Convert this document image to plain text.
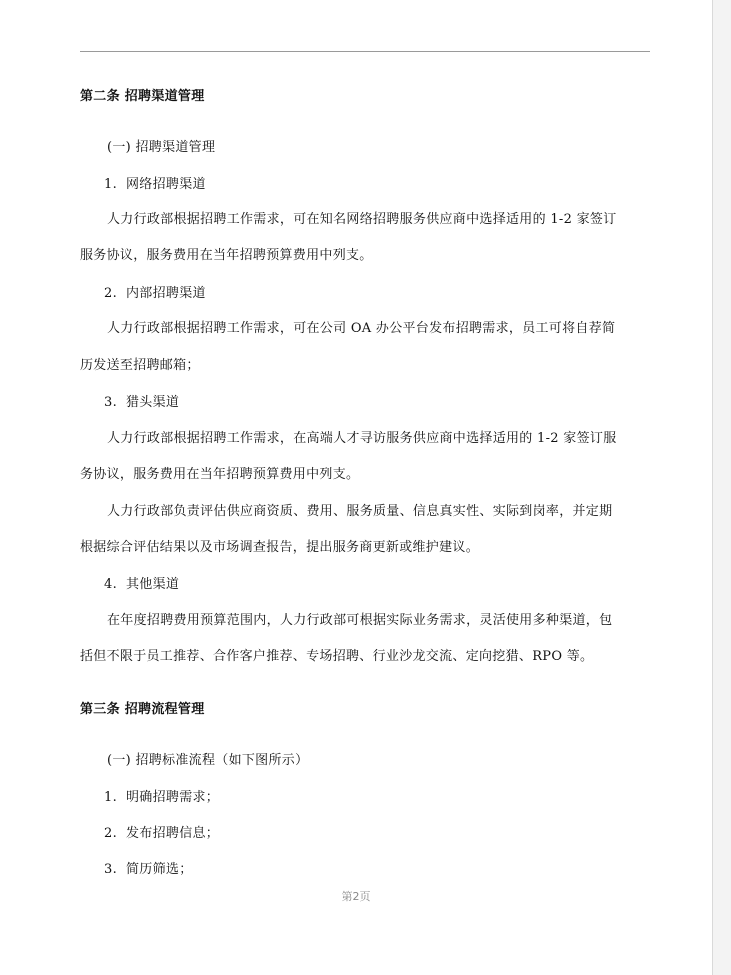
第二条 招聘渠道管理
(一) 招聘渠道管理
1. 网络招聘渠道
人力行政部根据招聘工作需求，可在知名网络招聘服务供应商中选择适用的 1-2 家签订
服务协议，服务费用在当年招聘预算费用中列支。
2. 内部招聘渠道
人力行政部根据招聘工作需求，可在公司 OA 办公平台发布招聘需求，员工可将自荐简
历发送至招聘邮箱；
3. 猎头渠道
人力行政部根据招聘工作需求，在高端人才寻访服务供应商中选择适用的 1-2 家签订服
务协议，服务费用在当年招聘预算费用中列支。
人力行政部负责评估供应商资质、费用、服务质量、信息真实性、实际到岗率，并定期
根据综合评估结果以及市场调查报告，提出服务商更新或维护建议。
4. 其他渠道
在年度招聘费用预算范围内，人力行政部可根据实际业务需求，灵活使用多种渠道，包
括但不限于员工推荐、合作客户推荐、专场招聘、行业沙龙交流、定向挖猎、RPO 等。
第三条 招聘流程管理
(一) 招聘标准流程（如下图所示）
1. 明确招聘需求；
2. 发布招聘信息；
3. 简历筛选；
第2页
